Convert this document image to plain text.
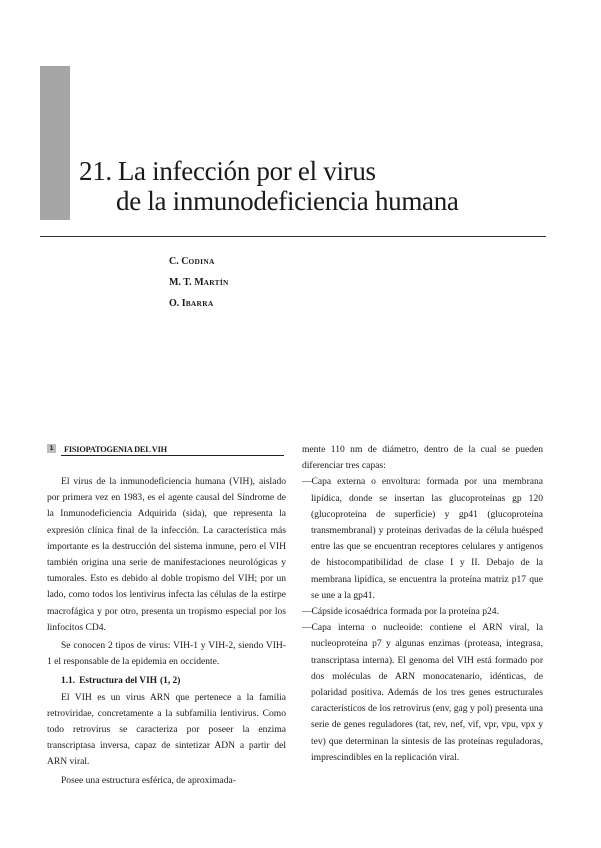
21. La infección por el virus
de la inmunodeficiencia humana
C. CODINA
M. T. MARTÍN
O. IBARRA
1 FISIOPATOGENIA DEL VIH

El virus de la inmunodeficiencia humana (VIH), aislado por primera vez en 1983, es el agente causal del Síndrome de la Inmunodeficiencia Adquirida (sida), que representa la expresión clínica final de la infección. La característica más importante es la destrucción del sistema inmune, pero el VIH también origina una serie de manifestaciones neurológicas y tumorales. Esto es debido al doble tropismo del VIH; por un lado, como todos los lentivirus infecta las células de la estirpe macrofágica y por otro, presenta un tropismo especial por los linfocitos CD4.

Se conocen 2 tipos de virus: VIH-1 y VIH-2, siendo VIH-1 el responsable de la epidemia en occidente.

1.1. Estructura del VIH (1, 2)

El VIH es un virus ARN que pertenece a la familia retroviridae, concretamente a la subfamilia lentivirus. Como todo retrovirus se caracteriza por poseer la enzima transcriptasa inversa, capaz de sintetizar ADN a partir del ARN viral.

Posee una estructura esférica, de aproximada-

mente 110 nm de diámetro, dentro de la cual se pueden diferenciar tres capas:

—Capa externa o envoltura: formada por una membrana lipídica, donde se insertan las glucoproteínas gp 120 (glucoproteína de superficie) y gp41 (glucoproteína transmembranal) y proteínas derivadas de la célula huésped entre las que se encuentran receptores celulares y antígenos de histocompatibilidad de clase I y II. Debajo de la membrana lipídica, se encuentra la proteína matriz p17 que se une a la gp41.

—Cápside icosaédrica formada por la proteína p24.

—Capa interna o nucleoide: contiene el ARN viral, la nucleoproteína p7 y algunas enzimas (proteasa, integrasa, transcriptasa interna). El genoma del VIH está formado por dos moléculas de ARN monocatenario, idénticas, de polaridad positiva. Además de los tres genes estructurales característicos de los retrovirus (env, gag y pol) presenta una serie de genes reguladores (tat, rev, nef, vif, vpr, vpu, vpx y tev) que determinan la síntesis de las proteínas reguladoras, imprescindibles en la replicación viral.
